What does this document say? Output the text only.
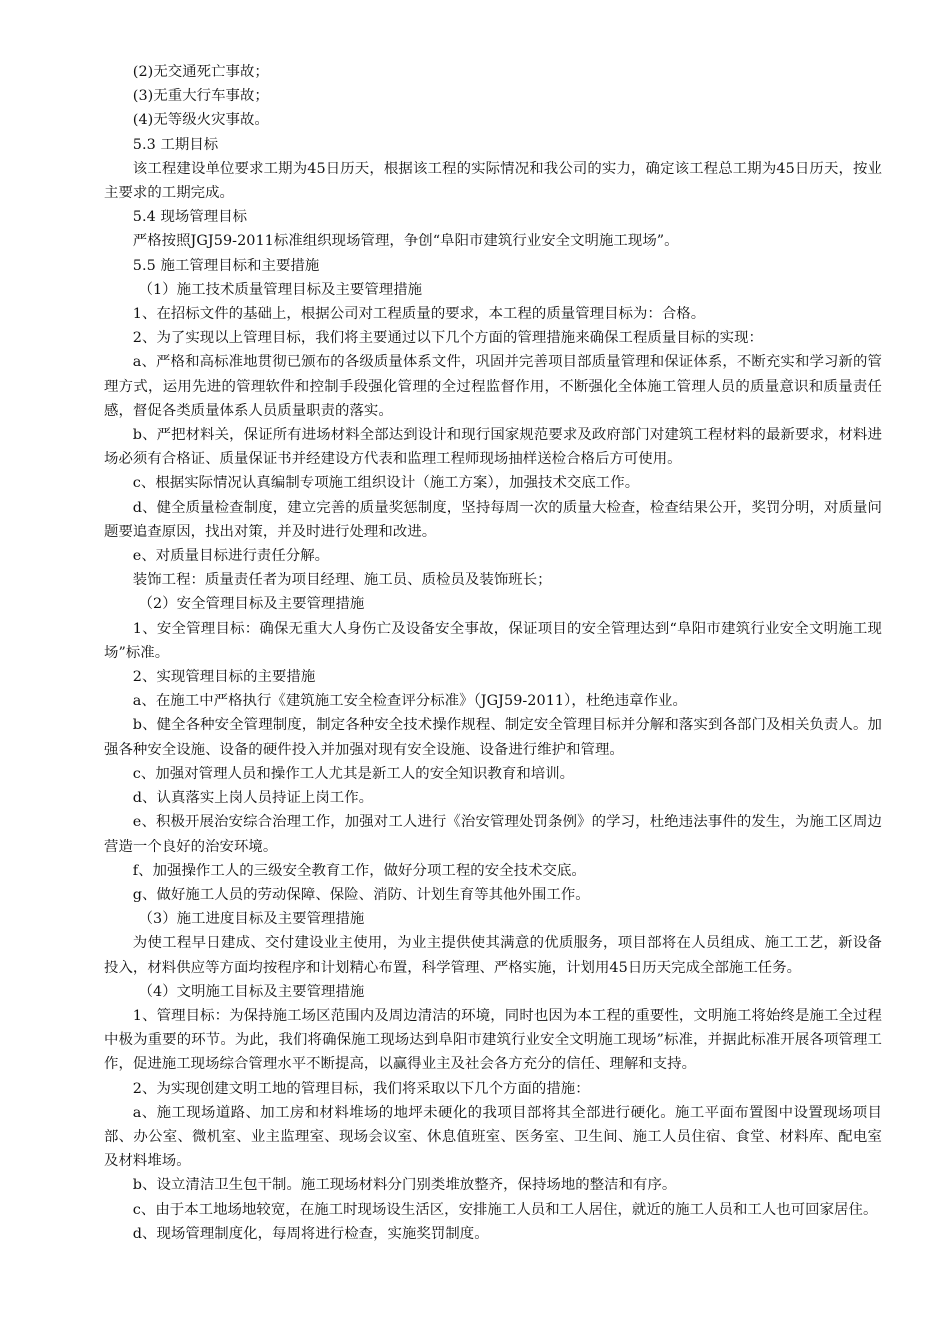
(2)无交通死亡事故；

(3)无重大行车事故；

(4)无等级火灾事故。

5.3 工期目标

该工程建设单位要求工期为45日历天，根据该工程的实际情况和我公司的实力，确定该工程总工期为45日历天，按业主要求的工期完成。

5.4 现场管理目标

严格按照JGJ59-2011标准组织现场管理，争创“阜阳市建筑行业安全文明施工现场”。

5.5 施工管理目标和主要措施

（1）施工技术质量管理目标及主要管理措施

1、在招标文件的基础上，根据公司对工程质量的要求，本工程的质量管理目标为：合格。

2、为了实现以上管理目标，我们将主要通过以下几个方面的管理措施来确保工程质量目标的实现：

a、严格和高标准地贯彻已颁布的各级质量体系文件，巩固并完善项目部质量管理和保证体系，不断充实和学习新的管理方式，运用先进的管理软件和控制手段强化管理的全过程监督作用，不断强化全体施工管理人员的质量意识和质量责任感，督促各类质量体系人员质量职责的落实。

b、严把材料关，保证所有进场材料全部达到设计和现行国家规范要求及政府部门对建筑工程材料的最新要求，材料进场必须有合格证、质量保证书并经建设方代表和监理工程师现场抽样送检合格后方可使用。

c、根据实际情况认真编制专项施工组织设计（施工方案），加强技术交底工作。

d、健全质量检查制度，建立完善的质量奖惩制度，坚持每周一次的质量大检查，检查结果公开，奖罚分明，对质量问题要追查原因，找出对策，并及时进行处理和改进。

e、对质量目标进行责任分解。

装饰工程：质量责任者为项目经理、施工员、质检员及装饰班长；

（2）安全管理目标及主要管理措施

1、安全管理目标：确保无重大人身伤亡及设备安全事故，保证项目的安全管理达到“阜阳市建筑行业安全文明施工现场”标准。

2、实现管理目标的主要措施

a、在施工中严格执行《建筑施工安全检查评分标准》（JGJ59-2011），杜绝违章作业。

b、健全各种安全管理制度，制定各种安全技术操作规程、制定安全管理目标并分解和落实到各部门及相关负责人。加强各种安全设施、设备的硬件投入并加强对现有安全设施、设备进行维护和管理。

c、加强对管理人员和操作工人尤其是新工人的安全知识教育和培训。

d、认真落实上岗人员持证上岗工作。

e、积极开展治安综合治理工作，加强对工人进行《治安管理处罚条例》的学习，杜绝违法事件的发生，为施工区周边营造一个良好的治安环境。

f、加强操作工人的三级安全教育工作，做好分项工程的安全技术交底。

g、做好施工人员的劳动保障、保险、消防、计划生育等其他外围工作。

（3）施工进度目标及主要管理措施

为使工程早日建成、交付建设业主使用，为业主提供使其满意的优质服务，项目部将在人员组成、施工工艺，新设备投入，材料供应等方面均按程序和计划精心布置，科学管理、严格实施，计划用45日历天完成全部施工任务。

（4）文明施工目标及主要管理措施

1、管理目标：为保持施工场区范围内及周边清洁的环境，同时也因为本工程的重要性，文明施工将始终是施工全过程中极为重要的环节。为此，我们将确保施工现场达到阜阳市建筑行业安全文明施工现场”标准，并据此标准开展各项管理工作，促进施工现场综合管理水平不断提高，以赢得业主及社会各方充分的信任、理解和支持。

2、为实现创建文明工地的管理目标，我们将采取以下几个方面的措施：

a、施工现场道路、加工房和材料堆场的地坪未硬化的我项目部将其全部进行硬化。施工平面布置图中设置现场项目部、办公室、微机室、业主监理室、现场会议室、休息值班室、医务室、卫生间、施工人员住宿、食堂、材料库、配电室及材料堆场。

b、设立清洁卫生包干制。施工现场材料分门别类堆放整齐，保持场地的整洁和有序。

c、由于本工地场地较宽，在施工时现场设生活区，安排施工人员和工人居住，就近的施工人员和工人也可回家居住。

d、现场管理制度化，每周将进行检查，实施奖罚制度。
